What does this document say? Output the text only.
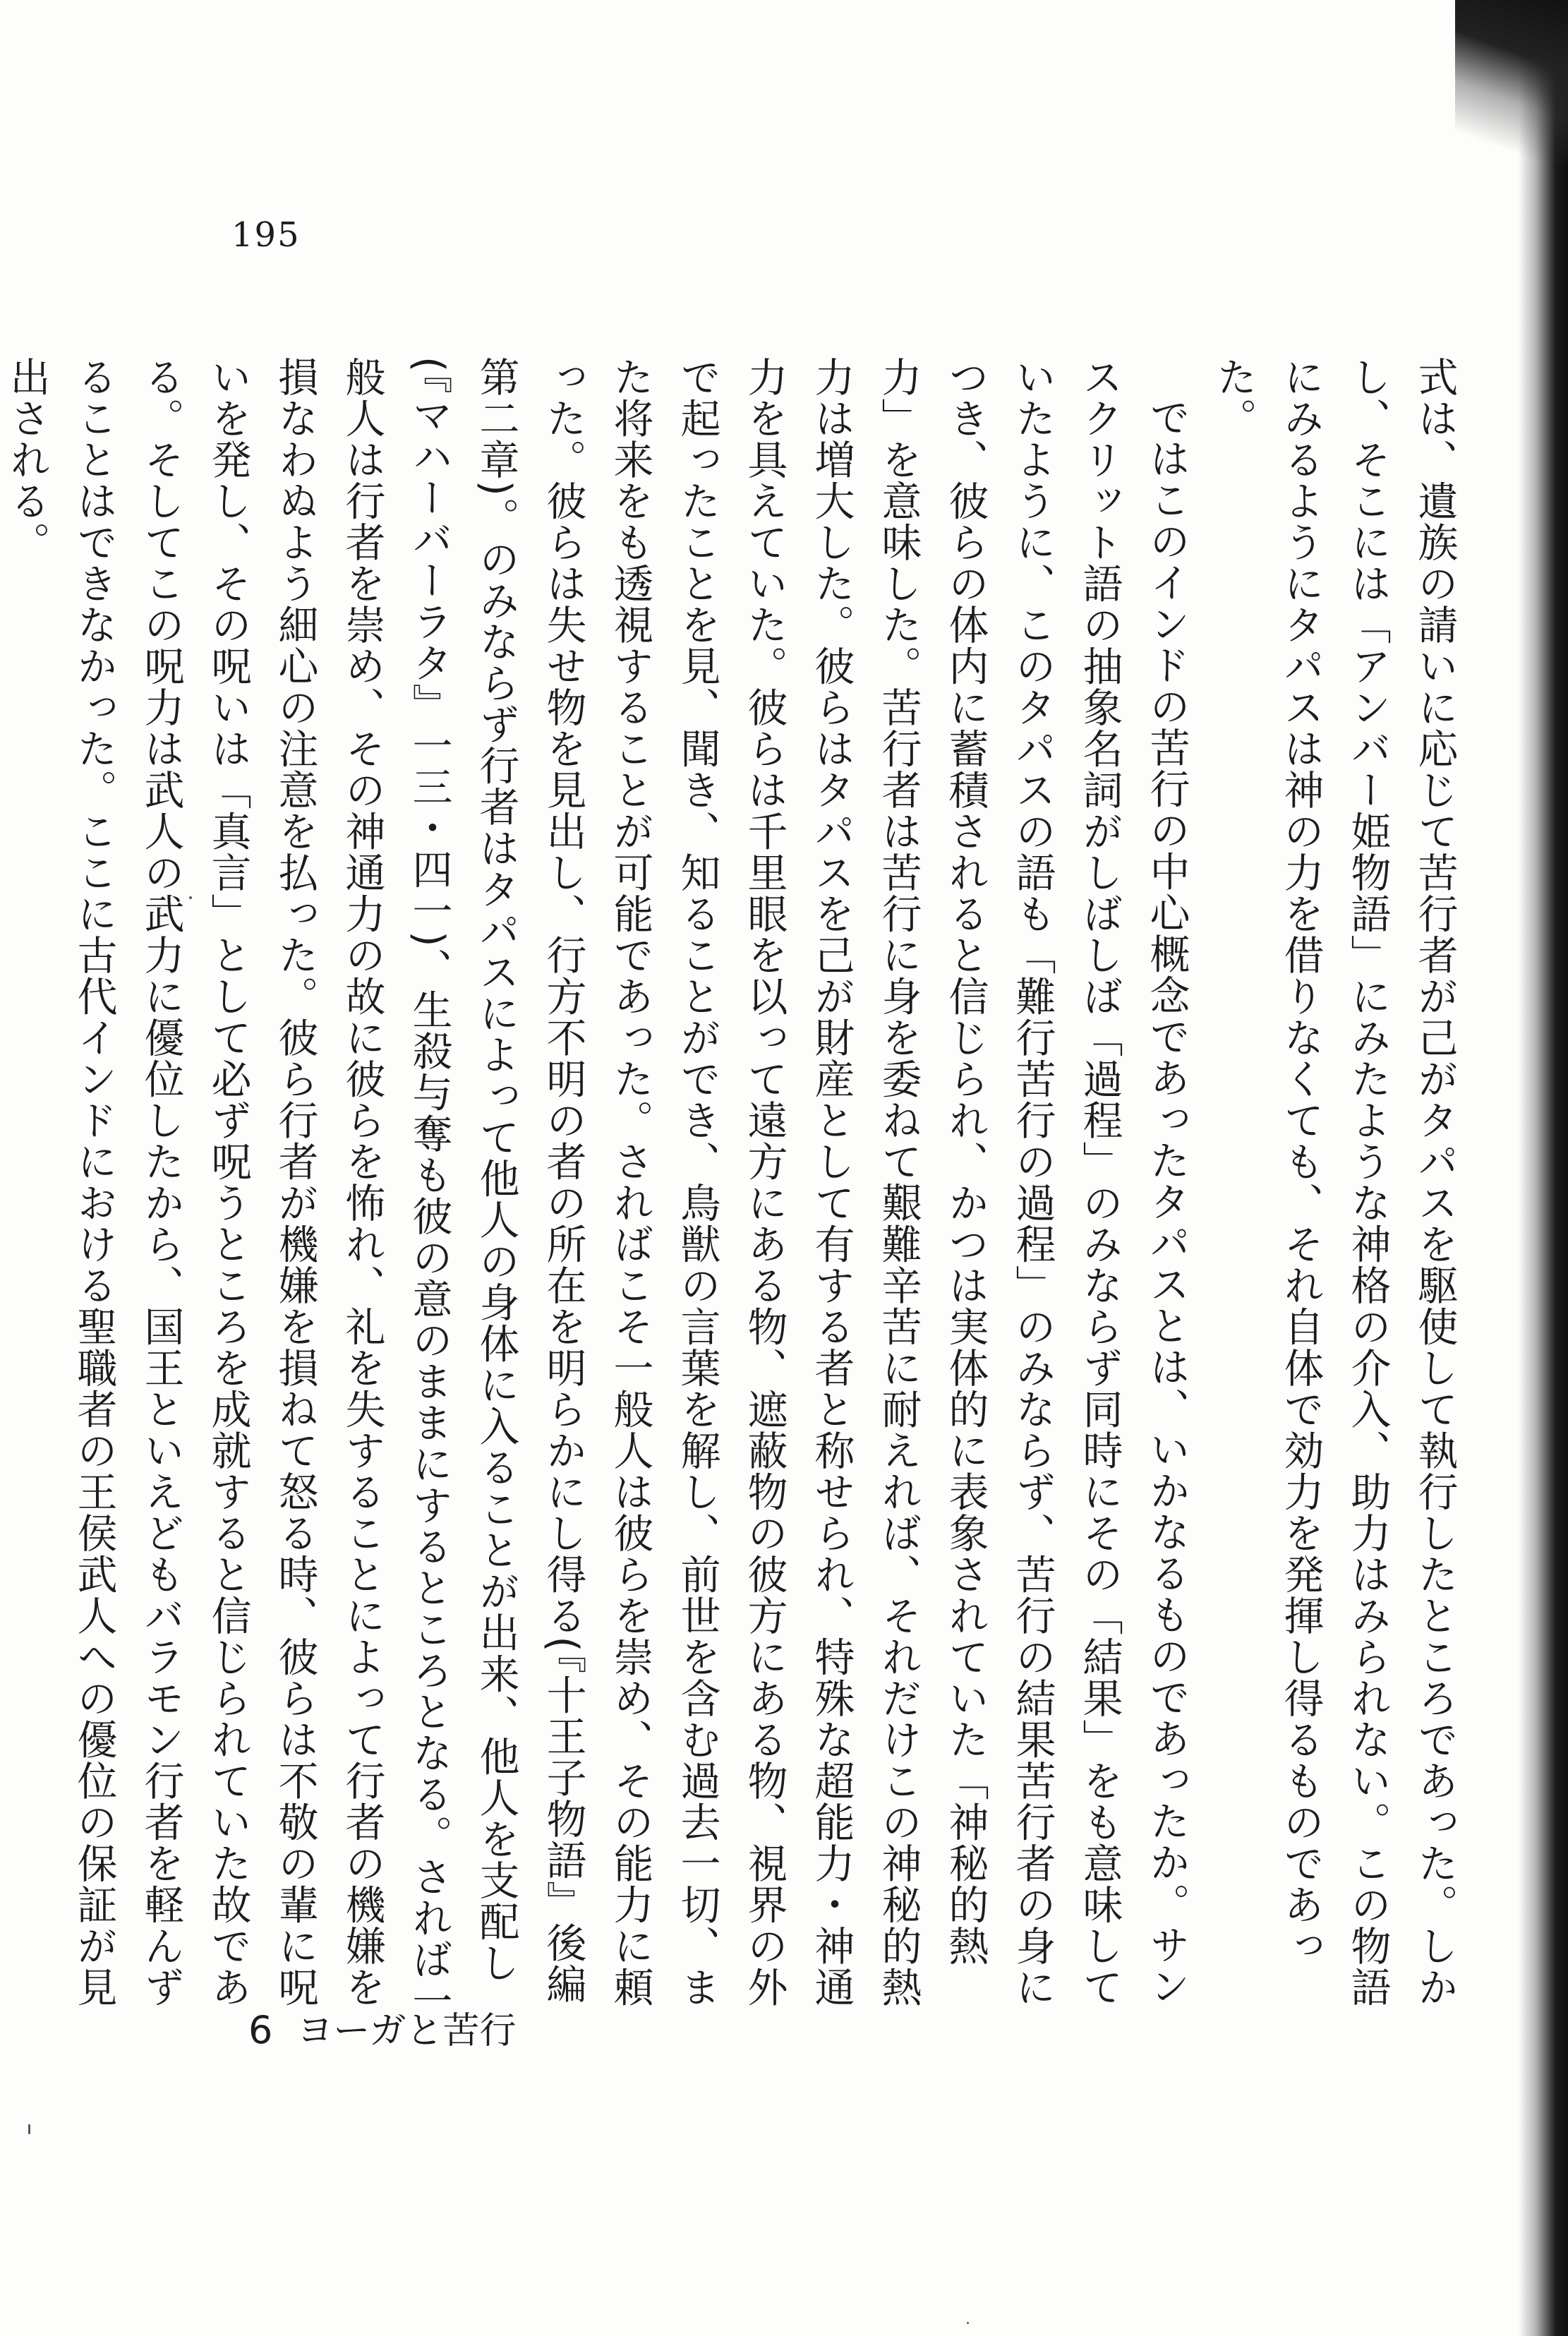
195

式は、遺族の請いに応じて苦行者が己がタパスを駆使して執行したところであった。しかし、そこには「アンバー姫物語」にみたような神格の介入、助力はみられない。この物語にみるようにタパスは神の力を借りなくても、それ自体で効力を発揮し得るものであった。

ではこのインドの苦行の中心概念であったタパスとは、いかなるものであったか。サンスクリット語の抽象名詞がしばしば「過程」のみならず同時にその「結果」をも意味していたように、このタパスの語も「難行苦行の過程」のみならず、苦行の結果苦行者の身につき、彼らの体内に蓄積されると信じられ、かつは実体的に表象されていた「神秘的熱力」を意味した。苦行者は苦行に身を委ねて艱難辛苦に耐えれば、それだけこの神秘的熱力は増大した。彼らはタパスを己が財産として有する者と称せられ、特殊な超能力・神通力を具えていた。彼らは千里眼を以って遠方にある物、遮蔽物の彼方にある物、視界の外で起ったことを見、聞き、知ることができ、鳥獣の言葉を解し、前世を含む過去一切、また将来をも透視することが可能であった。さればこそ一般人は彼らを崇め、その能力に頼った。彼らは失せ物を見出し、行方不明の者の所在を明らかにし得る(『十王子物語』後編第二章)。のみならず行者はタパスによって他人の身体に入ることが出来、他人を支配し(『マハーバーラタ』一三・四一)、生殺与奪も彼の意のままにするところとなる。されば一般人は行者を崇め、その神通力の故に彼らを怖れ、礼を失することによって行者の機嫌を損なわぬよう細心の注意を払った。彼ら行者が機嫌を損ねて怒る時、彼らは不敬の輩に呪いを発し、その呪いは「真言」として必ず呪うところを成就すると信じられていた故である。そしてこの呪力は武人の武力に優位したから、国王といえどもバラモン行者を軽んずることはできなかった。ここに古代インドにおける聖職者の王侯武人への優位の保証が見出される。

6 ヨーガと苦行
